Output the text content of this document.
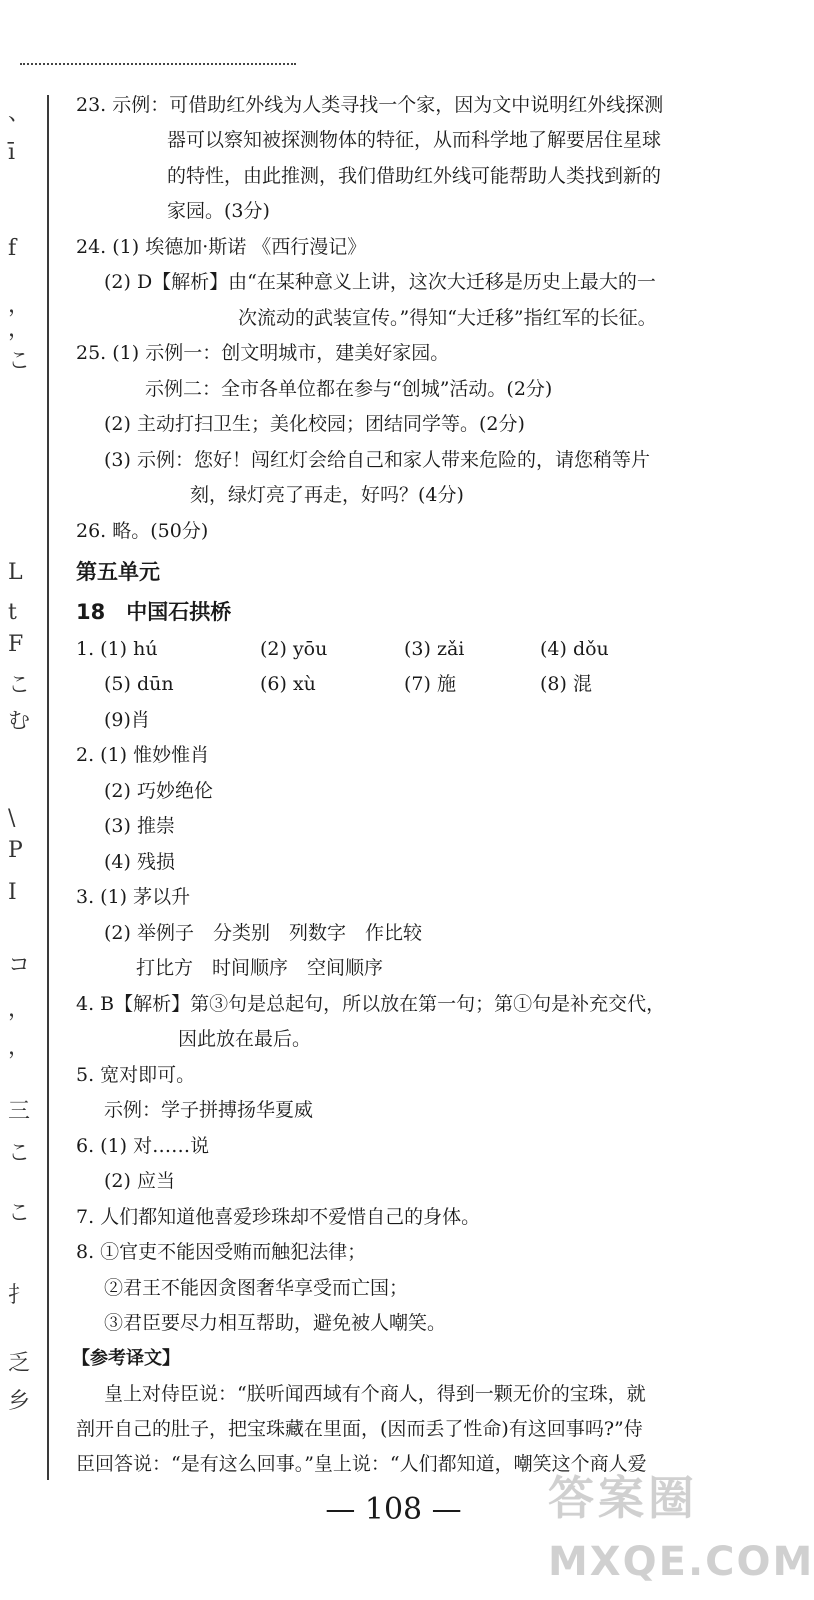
、
ī
f
，
，
こ
L
t
F
こ
む
\
P
I
コ
，
，
三
こ
こ
扌
乏
乡
23. 示例：可借助红外线为人类寻找一个家，因为文中说明红外线探测
器可以察知被探测物体的特征，从而科学地了解要居住星球
的特性，由此推测，我们借助红外线可能帮助人类找到新的
家园。(3分)
24. (1) 埃德加·斯诺 《西行漫记》
(2) D【解析】由“在某种意义上讲，这次大迁移是历史上最大的一
次流动的武装宣传。”得知“大迁移”指红军的长征。
25. (1) 示例一：创文明城市，建美好家园。
示例二：全市各单位都在参与“创城”活动。(2分)
(2) 主动打扫卫生；美化校园；团结同学等。(2分)
(3) 示例：您好！闯红灯会给自己和家人带来危险的，请您稍等片
刻，绿灯亮了再走，好吗？(4分)
26. 略。(50分)
第五单元
18　中国石拱桥
1. (1) hú	(2) yōu	(3) zǎi	(4) dǒu
(5) dūn	(6) xù	(7) 施	(8) 混
(9)肖
2. (1) 惟妙惟肖
(2) 巧妙绝伦
(3) 推崇
(4) 残损
3. (1) 茅以升
(2) 举例子　分类别　列数字　作比较
打比方　时间顺序　空间顺序
4. B【解析】第③句是总起句，所以放在第一句；第①句是补充交代，
因此放在最后。
5. 宽对即可。
示例：学子拼搏扬华夏威
6. (1) 对……说
(2) 应当
7. 人们都知道他喜爱珍珠却不爱惜自己的身体。
8. ①官吏不能因受贿而触犯法律；
②君王不能因贪图奢华享受而亡国；
③君臣要尽力相互帮助，避免被人嘲笑。
【参考译文】
皇上对侍臣说：“朕听闻西域有个商人，得到一颗无价的宝珠，就
剖开自己的肚子，把宝珠藏在里面，(因而丢了性命)有这回事吗?”侍
臣回答说：“是有这么回事。”皇上说：“人们都知道，嘲笑这个商人爱
— 108 —	答案圈
MXQE.COM
